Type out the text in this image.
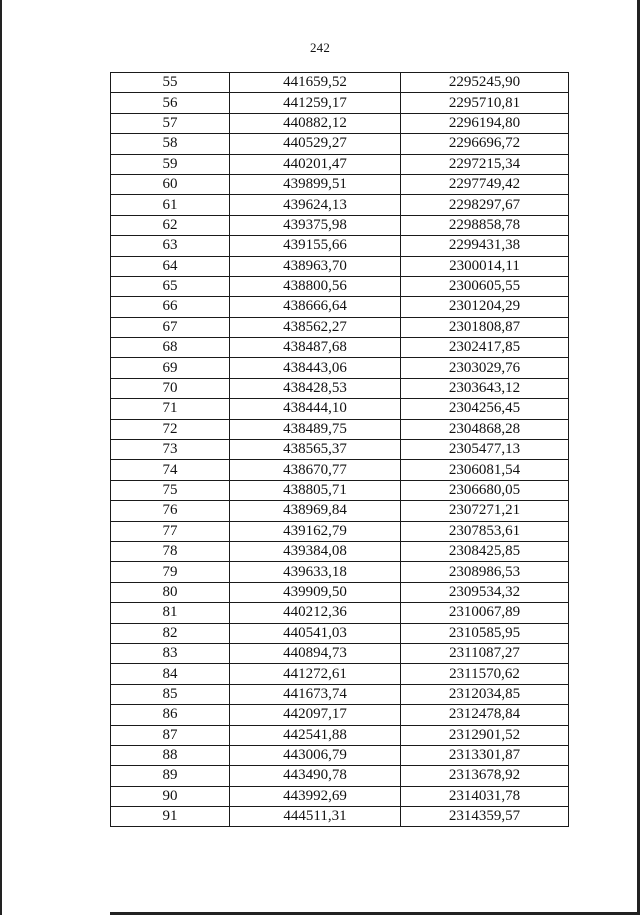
242
55	441659,52	2295245,90
56	441259,17	2295710,81
57	440882,12	2296194,80
58	440529,27	2296696,72
59	440201,47	2297215,34
60	439899,51	2297749,42
61	439624,13	2298297,67
62	439375,98	2298858,78
63	439155,66	2299431,38
64	438963,70	2300014,11
65	438800,56	2300605,55
66	438666,64	2301204,29
67	438562,27	2301808,87
68	438487,68	2302417,85
69	438443,06	2303029,76
70	438428,53	2303643,12
71	438444,10	2304256,45
72	438489,75	2304868,28
73	438565,37	2305477,13
74	438670,77	2306081,54
75	438805,71	2306680,05
76	438969,84	2307271,21
77	439162,79	2307853,61
78	439384,08	2308425,85
79	439633,18	2308986,53
80	439909,50	2309534,32
81	440212,36	2310067,89
82	440541,03	2310585,95
83	440894,73	2311087,27
84	441272,61	2311570,62
85	441673,74	2312034,85
86	442097,17	2312478,84
87	442541,88	2312901,52
88	443006,79	2313301,87
89	443490,78	2313678,92
90	443992,69	2314031,78
91	444511,31	2314359,57
